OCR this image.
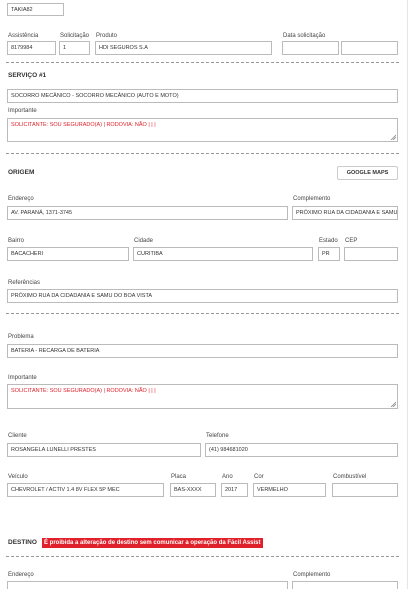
TAKIA82
Assistência
8179984
Solicitação
1
Produto
HDI SEGUROS S.A
Data solicitação
SERVIÇO #1
SOCORRO MECÂNICO - SOCORRO MECÂNICO (AUTO E MOTO)
Importante
SOLICITANTE: SOU SEGURADO(A) | RODOVIA: NÃO | | |
ORIGEM	GOOGLE MAPS
Endereço
AV. PARANÁ, 1371-3745
Complemento
PRÓXIMO RUA DA CIDADANIA E SAMU
Bairro
BACACHERI
Cidade
CURITIBA
Estado
PR
CEP
Referências
PRÓXIMO RUA DA CIDADANIA E SAMU DO BOA VISTA
Problema
BATERIA - RECARGA DE BATERIA
Importante
SOLICITANTE: SOU SEGURADO(A) | RODOVIA: NÃO | | |
Cliente
ROSANGELA LUNELLI PRESTES
Telefone
(41) 984681020
Veículo
CHEVROLET / ACTIV 1.4 8V FLEX 5P MEC
Placa
BAS-XXXX
Ano
2017
Cor
VERMELHO
Combustível
DESTINO	É proibida a alteração de destino sem comunicar a operação da Fácil Assist
Endereço	Complemento
